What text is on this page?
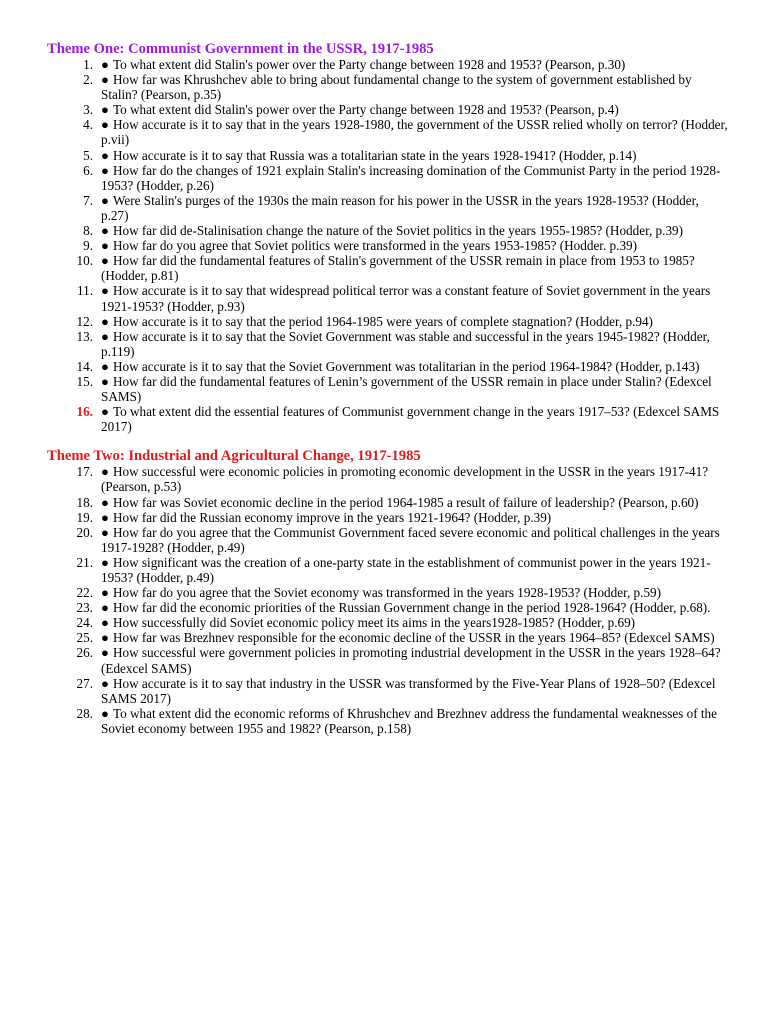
Theme One: Communist Government in the USSR, 1917-1985
1. ● To what extent did Stalin's power over the Party change between 1928 and 1953? (Pearson, p.30)
2. ● How far was Khrushchev able to bring about fundamental change to the system of government established by Stalin? (Pearson, p.35)
3. ● To what extent did Stalin's power over the Party change between 1928 and 1953? (Pearson, p.4)
4. ● How accurate is it to say that in the years 1928-1980, the government of the USSR relied wholly on terror? (Hodder, p.vii)
5. ● How accurate is it to say that Russia was a totalitarian state in the years 1928-1941? (Hodder, p.14)
6. ● How far do the changes of 1921 explain Stalin's increasing domination of the Communist Party in the period 1928-1953? (Hodder, p.26)
7. ● Were Stalin's purges of the 1930s the main reason for his power in the USSR in the years 1928-1953? (Hodder, p.27)
8. ● How far did de-Stalinisation change the nature of the Soviet politics in the years 1955-1985? (Hodder, p.39)
9. ● How far do you agree that Soviet politics were transformed in the years 1953-1985? (Hodder. p.39)
10. ● How far did the fundamental features of Stalin's government of the USSR remain in place from 1953 to 1985? (Hodder, p.81)
11. ● How accurate is it to say that widespread political terror was a constant feature of Soviet government in the years 1921-1953? (Hodder, p.93)
12. ● How accurate is it to say that the period 1964-1985 were years of complete stagnation? (Hodder, p.94)
13. ● How accurate is it to say that the Soviet Government was stable and successful in the years 1945-1982? (Hodder, p.119)
14. ● How accurate is it to say that the Soviet Government was totalitarian in the period 1964-1984? (Hodder, p.143)
15. ● How far did the fundamental features of Lenin’s government of the USSR remain in place under Stalin? (Edexcel SAMS)
16. ● To what extent did the essential features of Communist government change in the years 1917–53? (Edexcel SAMS 2017)
Theme Two: Industrial and Agricultural Change, 1917-1985
17. ● How successful were economic policies in promoting economic development in the USSR in the years 1917-41? (Pearson, p.53)
18. ● How far was Soviet economic decline in the period 1964-1985 a result of failure of leadership? (Pearson, p.60)
19. ● How far did the Russian economy improve in the years 1921-1964? (Hodder, p.39)
20. ● How far do you agree that the Communist Government faced severe economic and political challenges in the years 1917-1928? (Hodder, p.49)
21. ● How significant was the creation of a one-party state in the establishment of communist power in the years 1921-1953? (Hodder, p.49)
22. ● How far do you agree that the Soviet economy was transformed in the years 1928-1953? (Hodder, p.59)
23. ● How far did the economic priorities of the Russian Government change in the period 1928-1964? (Hodder, p.68).
24. ● How successfully did Soviet economic policy meet its aims in the years1928-1985? (Hodder, p.69)
25. ● How far was Brezhnev responsible for the economic decline of the USSR in the years 1964–85? (Edexcel SAMS)
26. ● How successful were government policies in promoting industrial development in the USSR in the years 1928–64? (Edexcel SAMS)
27. ● How accurate is it to say that industry in the USSR was transformed by the Five-Year Plans of 1928–50? (Edexcel SAMS 2017)
28. ● To what extent did the economic reforms of Khrushchev and Brezhnev address the fundamental weaknesses of the Soviet economy between 1955 and 1982? (Pearson, p.158)
